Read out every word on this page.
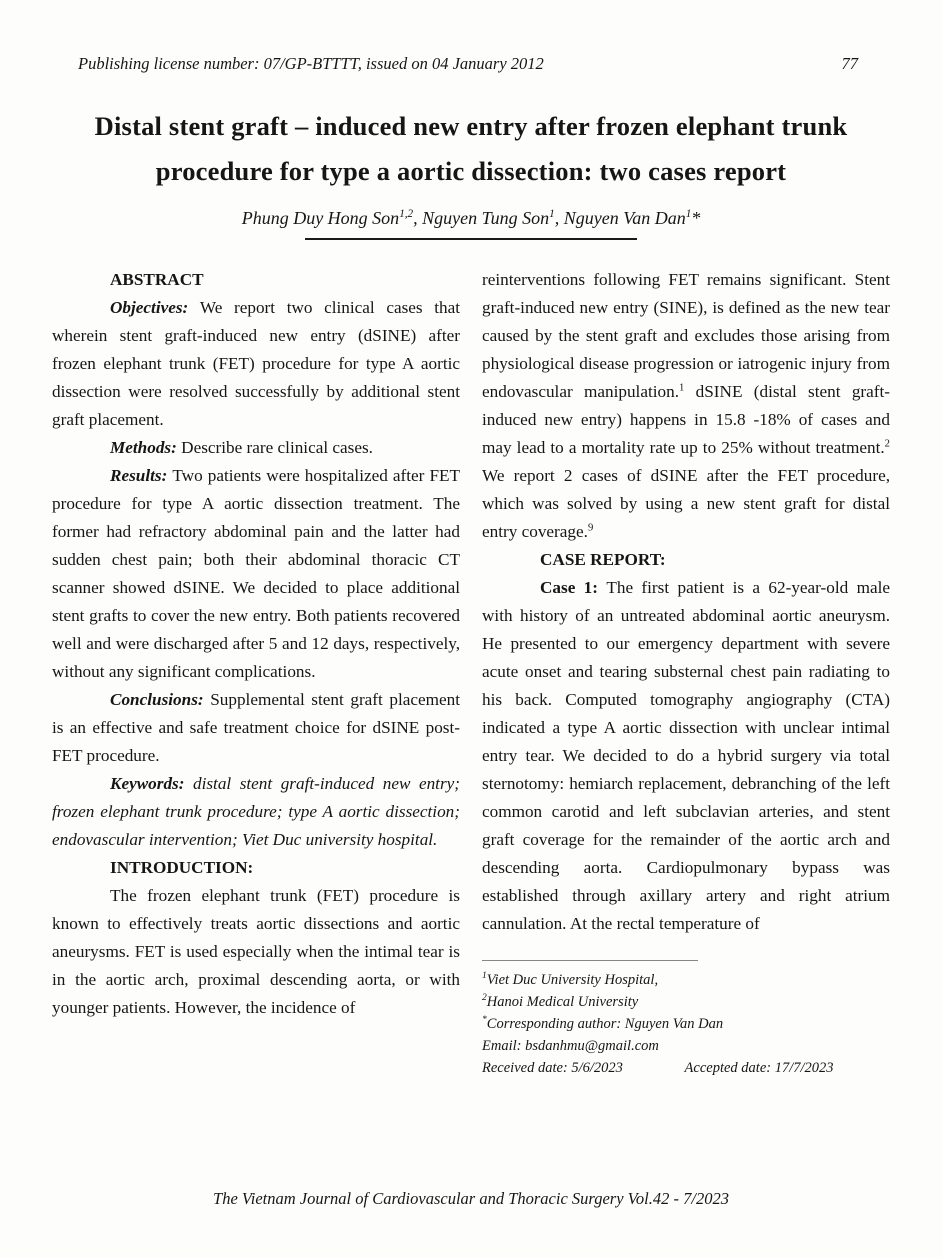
Publishing license number: 07/GP-BTTTT, issued on 04 January 2012	77
Distal stent graft – induced new entry after frozen elephant trunk procedure for type a aortic dissection: two cases report
Phung Duy Hong Son$^{1,2}$, Nguyen Tung Son$^1$, Nguyen Van Dan$^1$*
ABSTRACT

Objectives: We report two clinical cases that wherein stent graft-induced new entry (dSINE) after frozen elephant trunk (FET) procedure for type A aortic dissection were resolved successfully by additional stent graft placement.

Methods: Describe rare clinical cases.

Results: Two patients were hospitalized after FET procedure for type A aortic dissection treatment. The former had refractory abdominal pain and the latter had sudden chest pain; both their abdominal thoracic CT scanner showed dSINE. We decided to place additional stent grafts to cover the new entry. Both patients recovered well and were discharged after 5 and 12 days, respectively, without any significant complications.

Conclusions: Supplemental stent graft placement is an effective and safe treatment choice for dSINE post-FET procedure.

Keywords: distal stent graft-induced new entry; frozen elephant trunk procedure; type A aortic dissection; endovascular intervention; Viet Duc university hospital.

INTRODUCTION:

The frozen elephant trunk (FET) procedure is known to effectively treats aortic dissections and aortic aneurysms. FET is used especially when the intimal tear is in the aortic arch, proximal descending aorta, or with younger patients. However, the incidence of

reinterventions following FET remains significant. Stent graft-induced new entry (SINE), is defined as the new tear caused by the stent graft and excludes those arising from physiological disease progression or iatrogenic injury from endovascular manipulation.$^1$ dSINE (distal stent graft-induced new entry) happens in 15.8 -18% of cases and may lead to a mortality rate up to 25% without treatment.$^2$ We report 2 cases of dSINE after the FET procedure, which was solved by using a new stent graft for distal entry coverage.$^9$

CASE REPORT:

Case 1: The first patient is a 62-year-old male with history of an untreated abdominal aortic aneurysm. He presented to our emergency department with severe acute onset and tearing substernal chest pain radiating to his back. Computed tomography angiography (CTA) indicated a type A aortic dissection with unclear intimal entry tear. We decided to do a hybrid surgery via total sternotomy: hemiarch replacement, debranching of the left common carotid and left subclavian arteries, and stent graft coverage for the remainder of the aortic arch and descending aorta. Cardiopulmonary bypass was established through axillary artery and right atrium cannulation. At the rectal temperature of

$^1$Viet Duc University Hospital,
$^2$Hanoi Medical University
*Corresponding author: Nguyen Van Dan
Email: bsdanhmu@gmail.com
Received date: 5/6/2023	Accepted date: 17/7/2023
The Vietnam Journal of Cardiovascular and Thoracic Surgery Vol.42 - 7/2023
